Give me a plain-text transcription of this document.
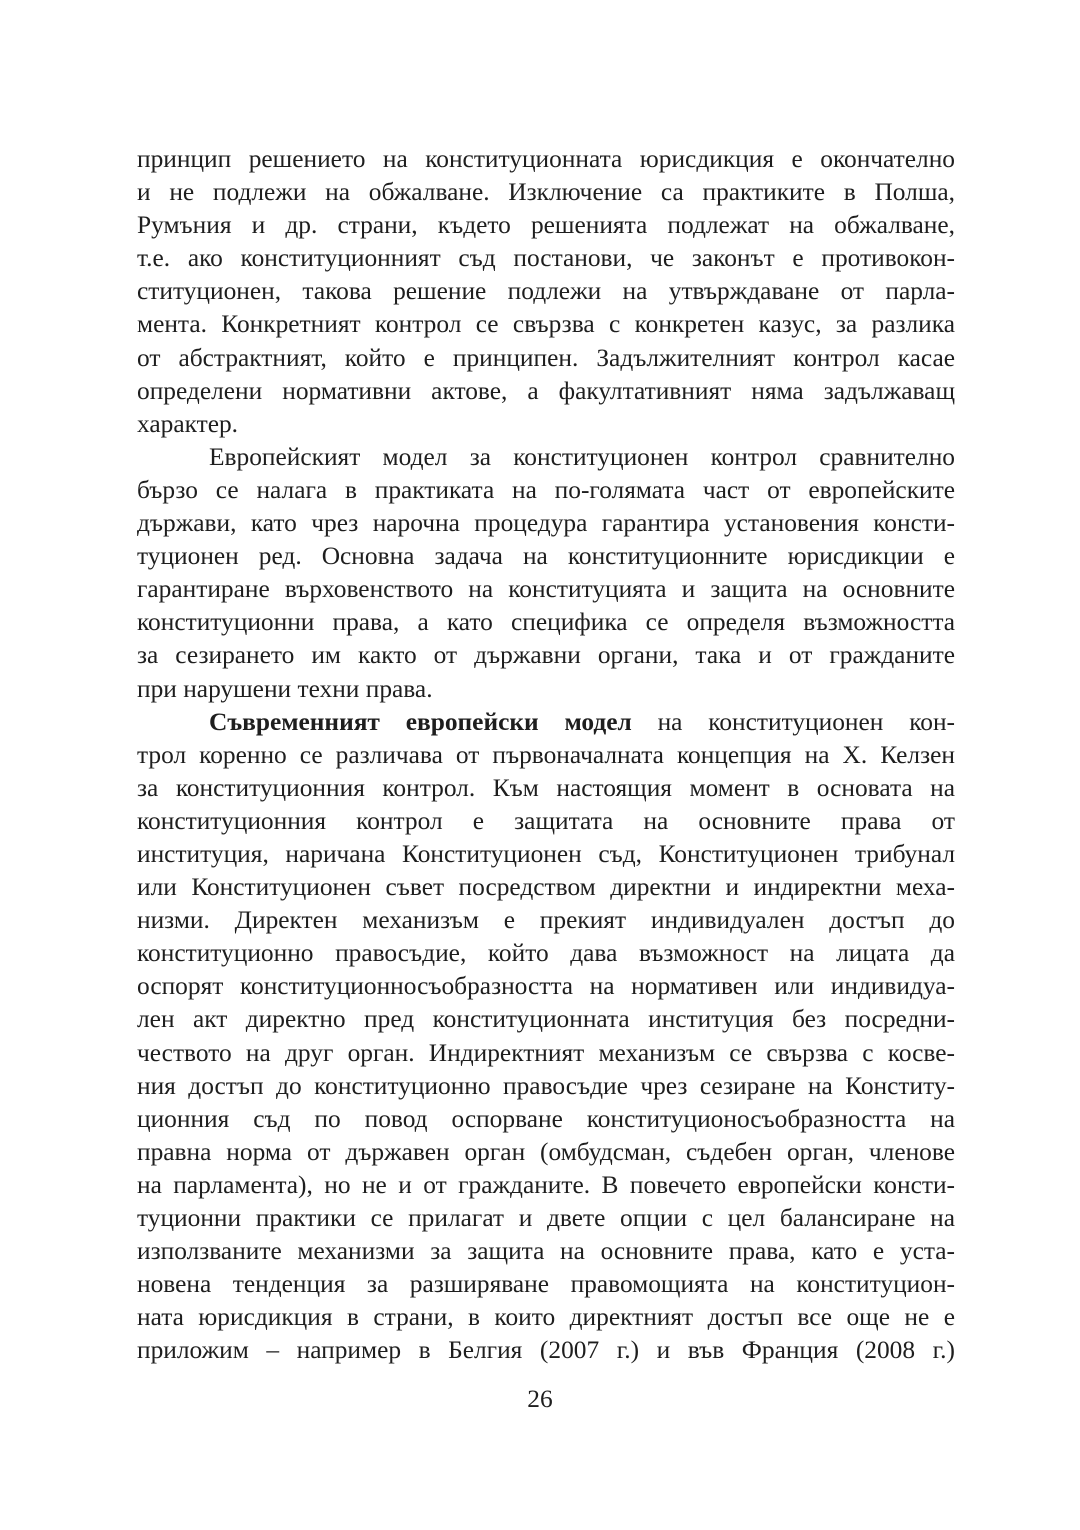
принцип решението на конституционната юрисдикция е окончателно
и не подлежи на обжалване. Изключение са практиките в Полша,
Румъния и др. страни, където решенията подлежат на обжалване,
т.е. ако конституционният съд постанови, че законът е противокон-
ституционен, такова решение подлежи на утвърждаване от парла-
мента. Конкретният контрол се свързва с конкретен казус, за разлика
от абстрактният, който е принципен. Задължителният контрол касае
определени нормативни актове, а факултативният няма задължаващ
характер.
Европейският модел за конституционен контрол сравнително
бързо се налага в практиката на по-голямата част от европейските
държави, като чрез нарочна процедура гарантира установения консти-
туционен ред. Основна задача на конституционните юрисдикции е
гарантиране върховенството на конституцията и защита на основните
конституционни права, а като специфика се определя възможността
за сезирането им както от държавни органи, така и от гражданите
при нарушени техни права.
Съвременният европейски модел на конституционен кон-
трол коренно се различава от първоначалната концепция на Х. Келзен
за конституционния контрол. Към настоящия момент в основата на
конституционния контрол е защитата на основните права от
институция, наричана Конституционен съд, Конституционен трибунал
или Конституционен съвет посредством директни и индиректни меха-
низми. Директен механизъм е прекият индивидуален достъп до
конституционно правосъдие, който дава възможност на лицата да
оспорят конституционносъобразността на нормативен или индивидуа-
лен акт директно пред конституционната институция без посредни-
чеството на друг орган. Индиректният механизъм се свързва с косве-
ния достъп до конституционно правосъдие чрез сезиране на Конститу-
ционния съд по повод оспорване конституционосъобразността на
правна норма от държавен орган (омбудсман, съдебен орган, членове
на парламента), но не и от гражданите. В повечето европейски консти-
туционни практики се прилагат и двете опции с цел балансиране на
използваните механизми за защита на основните права, като е уста-
новена тенденция за разширяване правомощията на конституцион-
ната юрисдикция в страни, в които директният достъп все още не е
приложим – например в Белгия (2007 г.) и във Франция (2008 г.)
26
